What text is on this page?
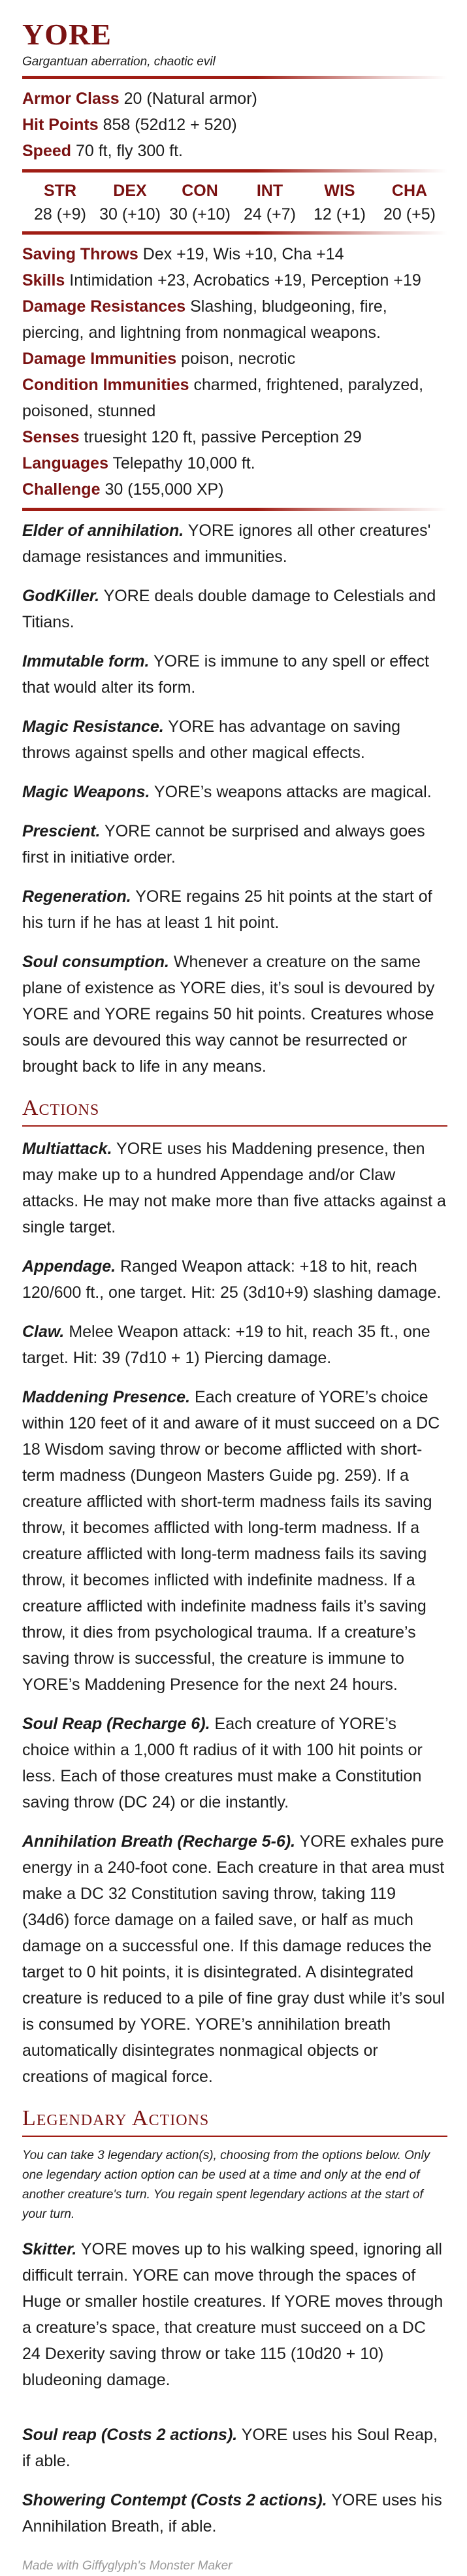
YORE
Gargantuan aberration, chaotic evil

Armor Class 20 (Natural armor)

Hit Points 858 (52d12 + 520)

Speed 70 ft, fly 300 ft.

STR
28 (+9)
DEX
30 (+10)
CON
30 (+10)
INT
24 (+7)
WIS
12 (+1)
CHA
20 (+5)

Saving Throws Dex +19, Wis +10, Cha +14

Skills Intimidation +23, Acrobatics +19, Perception +19

Damage Resistances Slashing, bludgeoning, fire, piercing, and lightning from nonmagical weapons.

Damage Immunities poison, necrotic

Condition Immunities charmed, frightened, paralyzed, poisoned, stunned

Senses truesight 120 ft, passive Perception 29

Languages Telepathy 10,000 ft.

Challenge 30 (155,000 XP)

Elder of annihilation. YORE ignores all other creatures' damage resistances and immunities.

GodKiller. YORE deals double damage to Celestials and Titians.

Immutable form. YORE is immune to any spell or effect that would alter its form.

Magic Resistance. YORE has advantage on saving throws against spells and other magical effects.

Magic Weapons. YORE’s weapons attacks are magical.

Prescient. YORE cannot be surprised and always goes first in initiative order.

Regeneration. YORE regains 25 hit points at the start of his turn if he has at least 1 hit point.

Soul consumption. Whenever a creature on the same plane of existence as YORE dies, it’s soul is devoured by YORE and YORE regains 50 hit points. Creatures whose souls are devoured this way cannot be resurrected or brought back to life in any means.

Actions

Multiattack. YORE uses his Maddening presence, then may make up to a hundred Appendage and/or Claw attacks. He may not make more than five attacks against a single target.

Appendage. Ranged Weapon attack: +18 to hit, reach 120/600 ft., one target. Hit: 25 (3d10+9) slashing damage.

Claw. Melee Weapon attack: +19 to hit, reach 35 ft., one target. Hit: 39 (7d10 + 1) Piercing damage.

Maddening Presence. Each creature of YORE’s choice within 120 feet of it and aware of it must succeed on a DC 18 Wisdom saving throw or become afflicted with short-term madness (Dungeon Masters Guide pg. 259). If a creature afflicted with short-term madness fails its saving throw, it becomes afflicted with long-term madness. If a creature afflicted with long-term madness fails its saving throw, it becomes inflicted with indefinite madness. If a creature afflicted with indefinite madness fails it’s saving throw, it dies from psychological trauma. If a creature’s saving throw is successful, the creature is immune to YORE’s Maddening Presence for the next 24 hours.

Soul Reap (Recharge 6). Each creature of YORE’s choice within a 1,000 ft radius of it with 100 hit points or less. Each of those creatures must make a Constitution saving throw (DC 24) or die instantly.

Annihilation Breath (Recharge 5-6). YORE exhales pure energy in a 240-foot cone. Each creature in that area must make a DC 32 Constitution saving throw, taking 119 (34d6) force damage on a failed save, or half as much damage on a successful one. If this damage reduces the target to 0 hit points, it is disintegrated. A disintegrated creature is reduced to a pile of fine gray dust while it’s soul is consumed by YORE. YORE’s annihilation breath automatically disintegrates nonmagical objects or creations of magical force.

Legendary Actions

You can take 3 legendary action(s), choosing from the options below. Only one legendary action option can be used at a time and only at the end of another creature's turn. You regain spent legendary actions at the start of your turn.

Skitter. YORE moves up to his walking speed, ignoring all difficult terrain. YORE can move through the spaces of Huge or smaller hostile creatures. If YORE moves through a creature’s space, that creature must succeed on a DC 24 Dexerity saving throw or take 115 (10d20 + 10) bludeoning damage.

Soul reap (Costs 2 actions). YORE uses his Soul Reap, if able.

Showering Contempt (Costs 2 actions). YORE uses his Annihilation Breath, if able.

Made with Giffyglyph's Monster Maker
